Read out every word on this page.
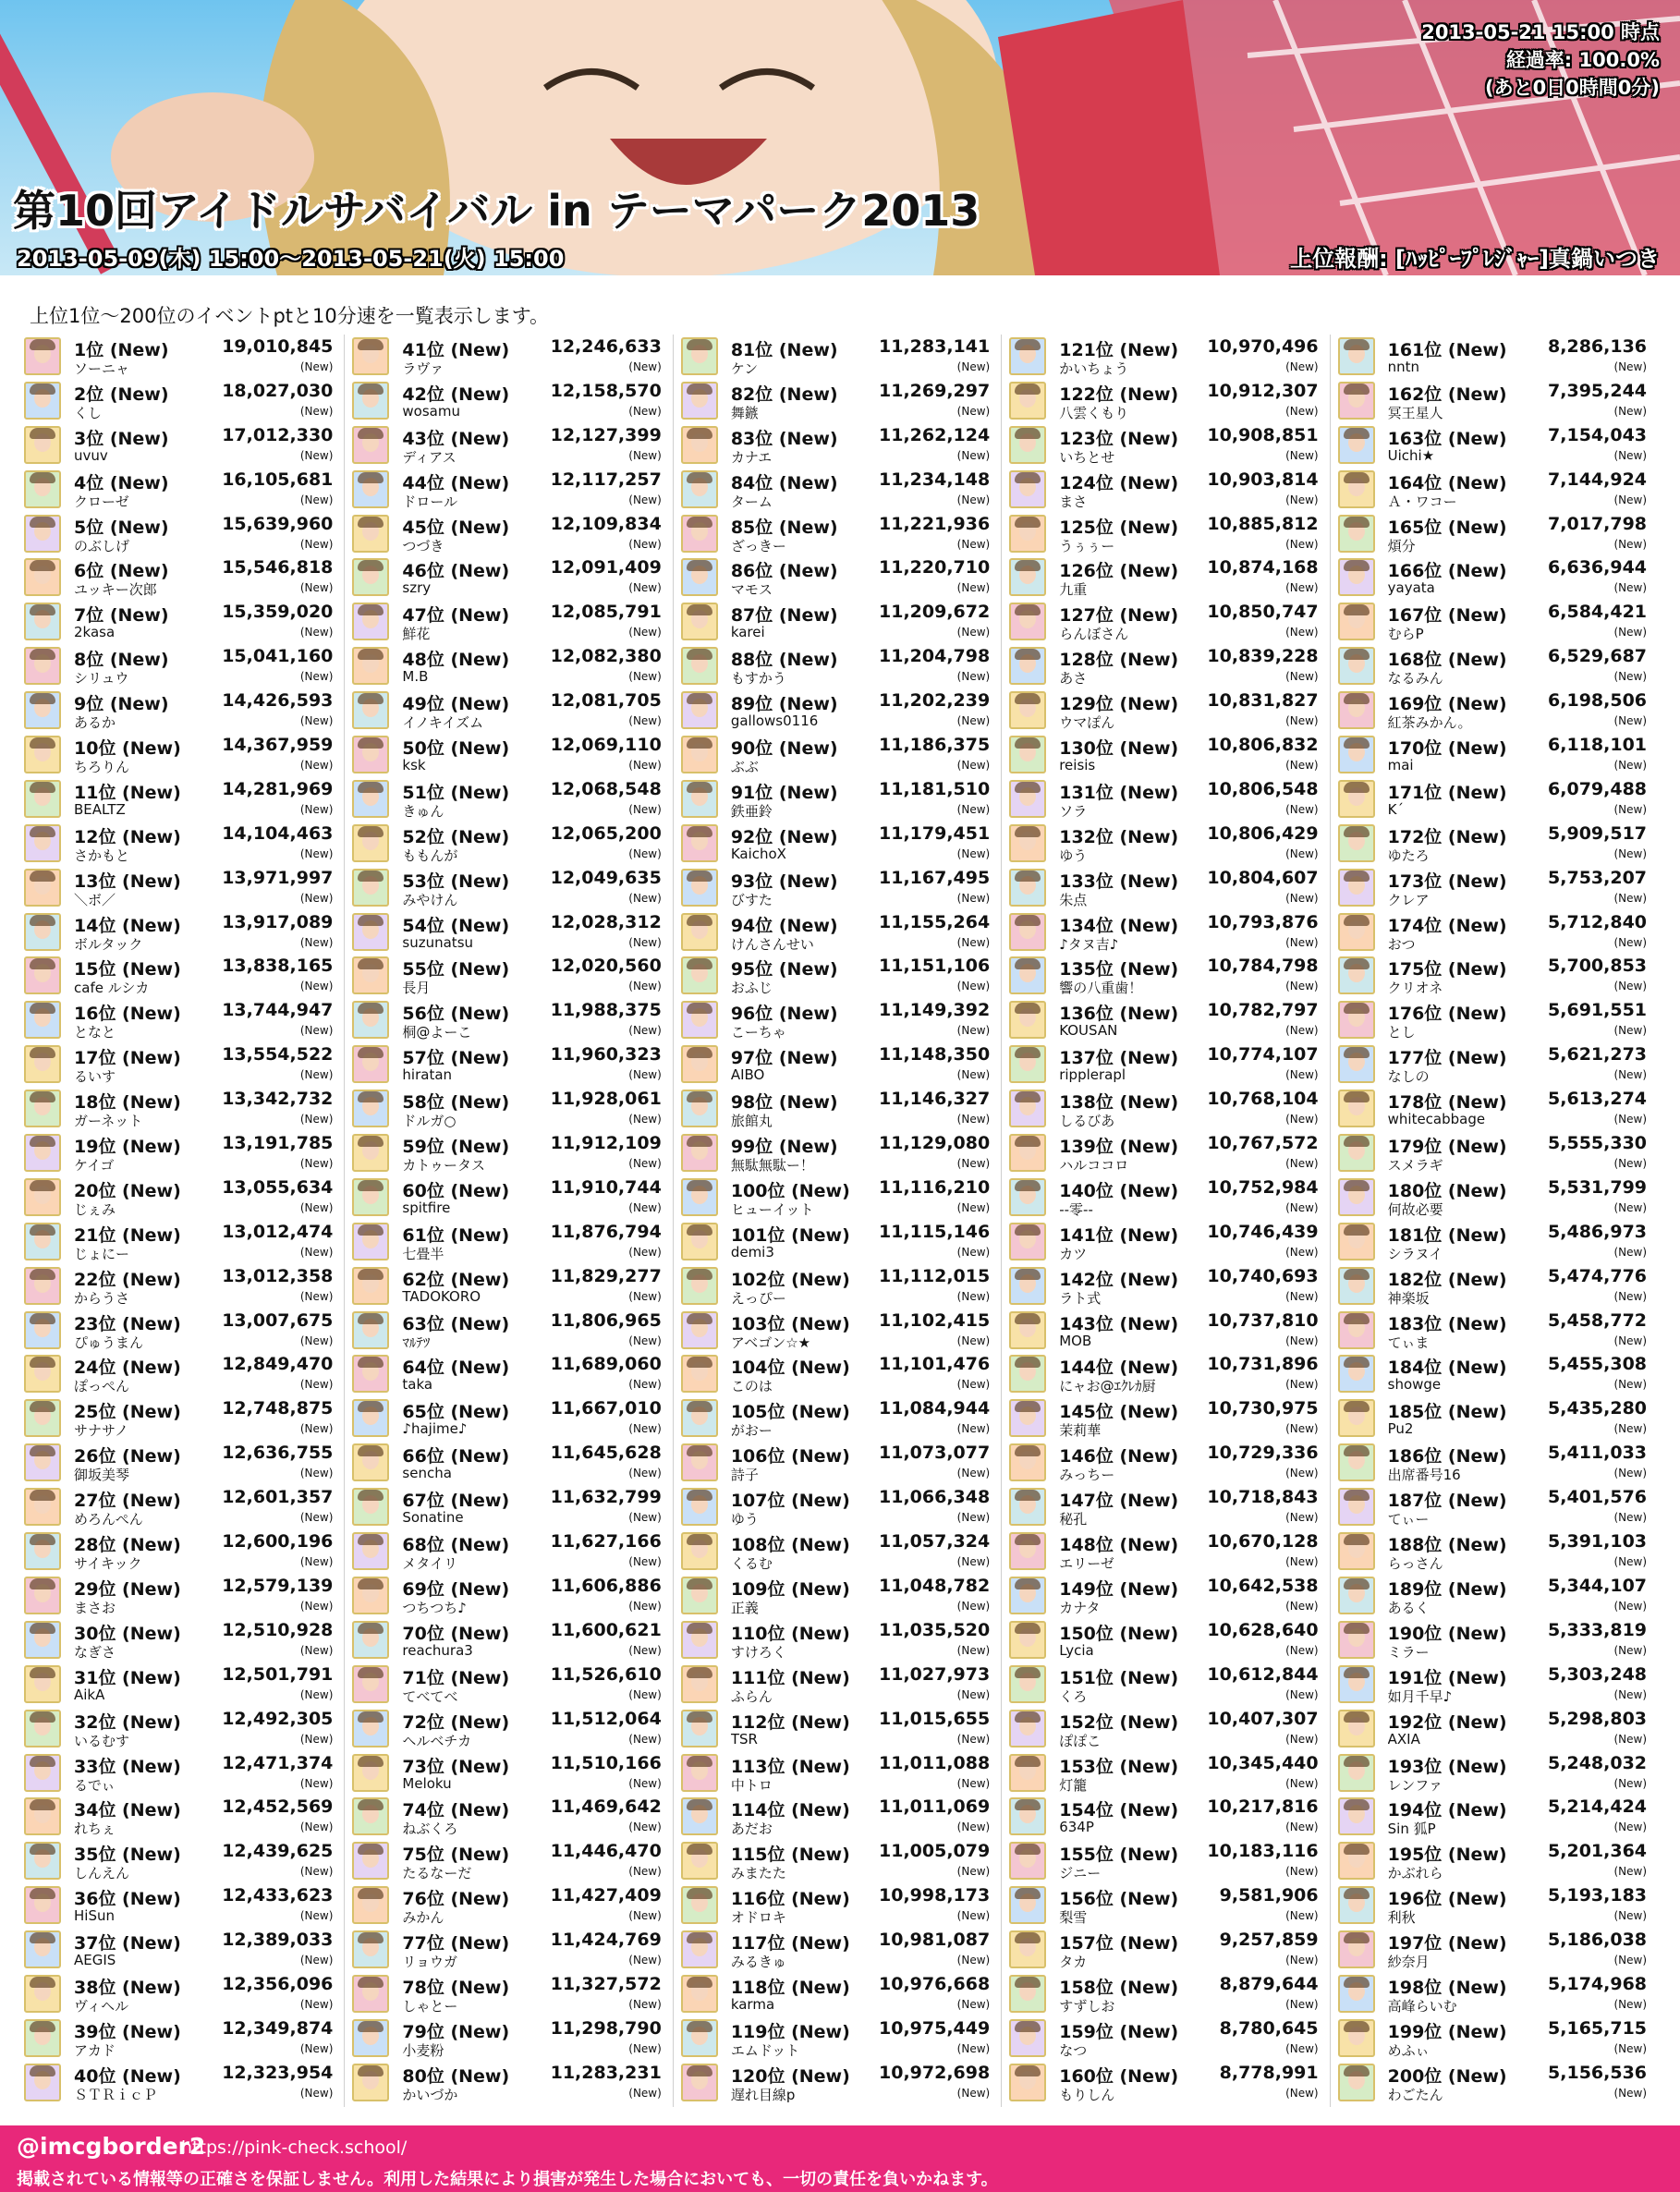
第10回アイドルサバイバル in テーマパーク2013
2013-05-09(木) 15:00～2013-05-21(火) 15:00	上位報酬: [ﾊｯﾋﾟｰﾌﾟﾚｼﾞｬｰ]真鍋いつき
2013-05-21 15:00 時点
経過率: 100.0%
(あと0日0時間0分)
上位1位～200位のイベントptと10分速を一覧表示します。
1位 (New)	19,010,845
ソーニャ	(New)
2位 (New)	18,027,030
くし	(New)
3位 (New)	17,012,330
uvuv	(New)
4位 (New)	16,105,681
クローゼ	(New)
5位 (New)	15,639,960
のぶしげ	(New)
6位 (New)	15,546,818
ユッキー次郎	(New)
7位 (New)	15,359,020
2kasa	(New)
8位 (New)	15,041,160
シリュウ	(New)
9位 (New)	14,426,593
あるか	(New)
10位 (New) 14,367,959
ちろりん	(New)
11位 (New) 14,281,969
BEALTZ	(New)
12位 (New) 14,104,463
さかもと	(New)
13位 (New) 13,971,997
＼ボ／	(New)
14位 (New) 13,917,089
ボルタック	(New)
15位 (New) 13,838,165
cafe ルシカ	(New)
16位 (New) 13,744,947
となと	(New)
17位 (New) 13,554,522
るいす	(New)
18位 (New) 13,342,732
ガーネット	(New)
19位 (New) 13,191,785
ケイゴ	(New)
20位 (New) 13,055,634
じぇみ	(New)
21位 (New) 13,012,474
じょにー	(New)
22位 (New) 13,012,358
からうさ	(New)
23位 (New) 13,007,675
ぴゅうまん	(New)
24位 (New) 12,849,470
ぽっぺん	(New)
25位 (New) 12,748,875
サナサノ	(New)
26位 (New) 12,636,755
御坂美琴	(New)
27位 (New) 12,601,357
めろんぺん	(New)
28位 (New) 12,600,196
サイキック	(New)
29位 (New) 12,579,139
まさお	(New)
30位 (New) 12,510,928
なぎさ	(New)
31位 (New) 12,501,791
AikA	(New)
32位 (New) 12,492,305
いるむす	(New)
33位 (New) 12,471,374
るでぃ	(New)
34位 (New) 12,452,569
れちぇ	(New)
35位 (New) 12,439,625
しんえん	(New)
36位 (New) 12,433,623
HiSun	(New)
37位 (New) 12,389,033
AEGIS	(New)
38位 (New) 12,356,096
ヴィヘル	(New)
39位 (New) 12,349,874
アカド	(New)
40位 (New) 12,323,954
ＳＴＲｉｃＰ	(New)
41位 (New) 12,246,633
ラヴァ	(New)
42位 (New) 12,158,570
wosamu	(New)
43位 (New) 12,127,399
ディアス	(New)
44位 (New) 12,117,257
ドロール	(New)
45位 (New) 12,109,834
つづき	(New)
46位 (New) 12,091,409
szry	(New)
47位 (New) 12,085,791
鮮花	(New)
48位 (New) 12,082,380
M.B	(New)
49位 (New) 12,081,705
イノキイズム	(New)
50位 (New) 12,069,110
ksk	(New)
51位 (New) 12,068,548
きゅん	(New)
52位 (New) 12,065,200
ももんが	(New)
53位 (New) 12,049,635
みやけん	(New)
54位 (New) 12,028,312
suzunatsu	(New)
55位 (New) 12,020,560
長月	(New)
56位 (New) 11,988,375
桐@よーこ	(New)
57位 (New) 11,960,323
hiratan	(New)
58位 (New) 11,928,061
ドルガ○	(New)
59位 (New) 11,912,109
カトゥータス	(New)
60位 (New) 11,910,744
spitfire	(New)
61位 (New) 11,876,794
七畳半	(New)
62位 (New) 11,829,277
TADOKORO	(New)
63位 (New) 11,806,965
ﾏﾙﾃﾂ	(New)
64位 (New) 11,689,060
taka	(New)
65位 (New) 11,667,010
♪hajime♪	(New)
66位 (New) 11,645,628
sencha	(New)
67位 (New) 11,632,799
Sonatine	(New)
68位 (New) 11,627,166
メタイリ	(New)
69位 (New) 11,606,886
つちつち♪	(New)
70位 (New) 11,600,621
reachura3	(New)
71位 (New) 11,526,610
てべてべ	(New)
72位 (New) 11,512,064
ヘルベチカ	(New)
73位 (New) 11,510,166
Meloku	(New)
74位 (New) 11,469,642
ねぶくろ	(New)
75位 (New) 11,446,470
たるなーだ	(New)
76位 (New) 11,427,409
みかん	(New)
77位 (New) 11,424,769
リョウガ	(New)
78位 (New) 11,327,572
しゃとー	(New)
79位 (New) 11,298,790
小麦粉	(New)
80位 (New) 11,283,231
かいづか	(New)
81位 (New) 11,283,141
ケン	(New)
82位 (New) 11,269,297
舞鏃	(New)
83位 (New) 11,262,124
カナエ	(New)
84位 (New) 11,234,148
ターム	(New)
85位 (New) 11,221,936
ざっきー	(New)
86位 (New) 11,220,710
マモス	(New)
87位 (New) 11,209,672
karei	(New)
88位 (New) 11,204,798
もすかう	(New)
89位 (New) 11,202,239
gallows0116	(New)
90位 (New) 11,186,375
ぶぶ	(New)
91位 (New) 11,181,510
鉄亜鈴	(New)
92位 (New) 11,179,451
KaichoX	(New)
93位 (New) 11,167,495
びすた	(New)
94位 (New) 11,155,264
けんさんせい	(New)
95位 (New) 11,151,106
おふじ	(New)
96位 (New) 11,149,392
こーちゃ	(New)
97位 (New) 11,148,350
AIBO	(New)
98位 (New) 11,146,327
旅館丸	(New)
99位 (New) 11,129,080
無駄無駄ー！	(New)
100位 (New) 11,116,210
ヒューイット	(New)
101位 (New) 11,115,146
demi3	(New)
102位 (New) 11,112,015
えっぴー	(New)
103位 (New) 11,102,415
アベゴン☆★	(New)
104位 (New) 11,101,476
このは	(New)
105位 (New) 11,084,944
がおー	(New)
106位 (New) 11,073,077
詩子	(New)
107位 (New) 11,066,348
ゆう	(New)
108位 (New) 11,057,324
くるむ	(New)
109位 (New) 11,048,782
正義	(New)
110位 (New) 11,035,520
すけろく	(New)
111位 (New) 11,027,973
ふらん	(New)
112位 (New) 11,015,655
TSR	(New)
113位 (New) 11,011,088
中トロ	(New)
114位 (New) 11,011,069
あだお	(New)
115位 (New) 11,005,079
みまたた	(New)
116位 (New) 10,998,173
オドロキ	(New)
117位 (New) 10,981,087
みるきゅ	(New)
118位 (New) 10,976,668
karma	(New)
119位 (New) 10,975,449
エムドット	(New)
120位 (New) 10,972,698
遅れ目線p	(New)
121位 (New) 10,970,496
かいちょう	(New)
122位 (New) 10,912,307
八雲くもり	(New)
123位 (New) 10,908,851
いちとせ	(New)
124位 (New) 10,903,814
まさ	(New)
125位 (New) 10,885,812
うぅぅー	(New)
126位 (New) 10,874,168
九重	(New)
127位 (New) 10,850,747
らんぼさん	(New)
128位 (New) 10,839,228
あさ	(New)
129位 (New) 10,831,827
ウマぽん	(New)
130位 (New) 10,806,832
reisis	(New)
131位 (New) 10,806,548
ソラ	(New)
132位 (New) 10,806,429
ゆう	(New)
133位 (New) 10,804,607
朱点	(New)
134位 (New) 10,793,876
♪タヌ吉♪	(New)
135位 (New) 10,784,798
響の八重歯！	(New)
136位 (New) 10,782,797
KOUSAN	(New)
137位 (New) 10,774,107
ripplerapl	(New)
138位 (New) 10,768,104
しるびあ	(New)
139位 (New) 10,767,572
ハルココロ	(New)
140位 (New) 10,752,984
--零--	(New)
141位 (New) 10,746,439
カツ	(New)
142位 (New) 10,740,693
ラト式	(New)
143位 (New) 10,737,810
MOB	(New)
144位 (New) 10,731,896
にャお@ｴｸﾚｶ厨	(New)
145位 (New) 10,730,975
茉莉華	(New)
146位 (New) 10,729,336
みっちー	(New)
147位 (New) 10,718,843
秘孔	(New)
148位 (New) 10,670,128
エリーゼ	(New)
149位 (New) 10,642,538
カナタ	(New)
150位 (New) 10,628,640
Lycia	(New)
151位 (New) 10,612,844
くろ	(New)
152位 (New) 10,407,307
ぽぽこ	(New)
153位 (New) 10,345,440
灯籠	(New)
154位 (New) 10,217,816
634P	(New)
155位 (New) 10,183,116
ジニー	(New)
156位 (New) 9,581,906
梨雪	(New)
157位 (New) 9,257,859
タカ	(New)
158位 (New) 8,879,644
すずしお	(New)
159位 (New) 8,780,645
なつ	(New)
160位 (New) 8,778,991
もりしん	(New)
161位 (New) 8,286,136
nntn	(New)
162位 (New) 7,395,244
冥王星人	(New)
163位 (New) 7,154,043
Uichi★	(New)
164位 (New) 7,144,924
Ａ・ワコー	(New)
165位 (New) 7,017,798
煩分	(New)
166位 (New) 6,636,944
yayata	(New)
167位 (New) 6,584,421
むらP	(New)
168位 (New) 6,529,687
なるみん	(New)
169位 (New) 6,198,506
紅茶みかん。	(New)
170位 (New) 6,118,101
mai	(New)
171位 (New) 6,079,488
K´	(New)
172位 (New) 5,909,517
ゆたろ	(New)
173位 (New) 5,753,207
クレア	(New)
174位 (New) 5,712,840
おつ	(New)
175位 (New) 5,700,853
クリオネ	(New)
176位 (New) 5,691,551
とし	(New)
177位 (New) 5,621,273
なしの	(New)
178位 (New) 5,613,274
whitecabbage	(New)
179位 (New) 5,555,330
スメラギ	(New)
180位 (New) 5,531,799
何故必要	(New)
181位 (New) 5,486,973
シラヌイ	(New)
182位 (New) 5,474,776
神楽坂	(New)
183位 (New) 5,458,772
てぃま	(New)
184位 (New) 5,455,308
showge	(New)
185位 (New) 5,435,280
Pu2	(New)
186位 (New) 5,411,033
出席番号16	(New)
187位 (New) 5,401,576
てぃー	(New)
188位 (New) 5,391,103
らっさん	(New)
189位 (New) 5,344,107
あるく	(New)
190位 (New) 5,333,819
ミラー	(New)
191位 (New) 5,303,248
如月千早♪	(New)
192位 (New) 5,298,803
AXIA	(New)
193位 (New) 5,248,032
レンファ	(New)
194位 (New) 5,214,424
Sin 狐P	(New)
195位 (New) 5,201,364
かぶれら	(New)
196位 (New) 5,193,183
利秋	(New)
197位 (New) 5,186,038
紗奈月	(New)
198位 (New) 5,174,968
高峰らいむ	(New)
199位 (New) 5,165,715
めふぃ	(New)
200位 (New) 5,156,536
わごたん	(New)
@imcgborder2
https://pink-check.school/
掲載されている情報等の正確さを保証しません。利用した結果により損害が発生した場合においても、一切の責任を負いかねます。
